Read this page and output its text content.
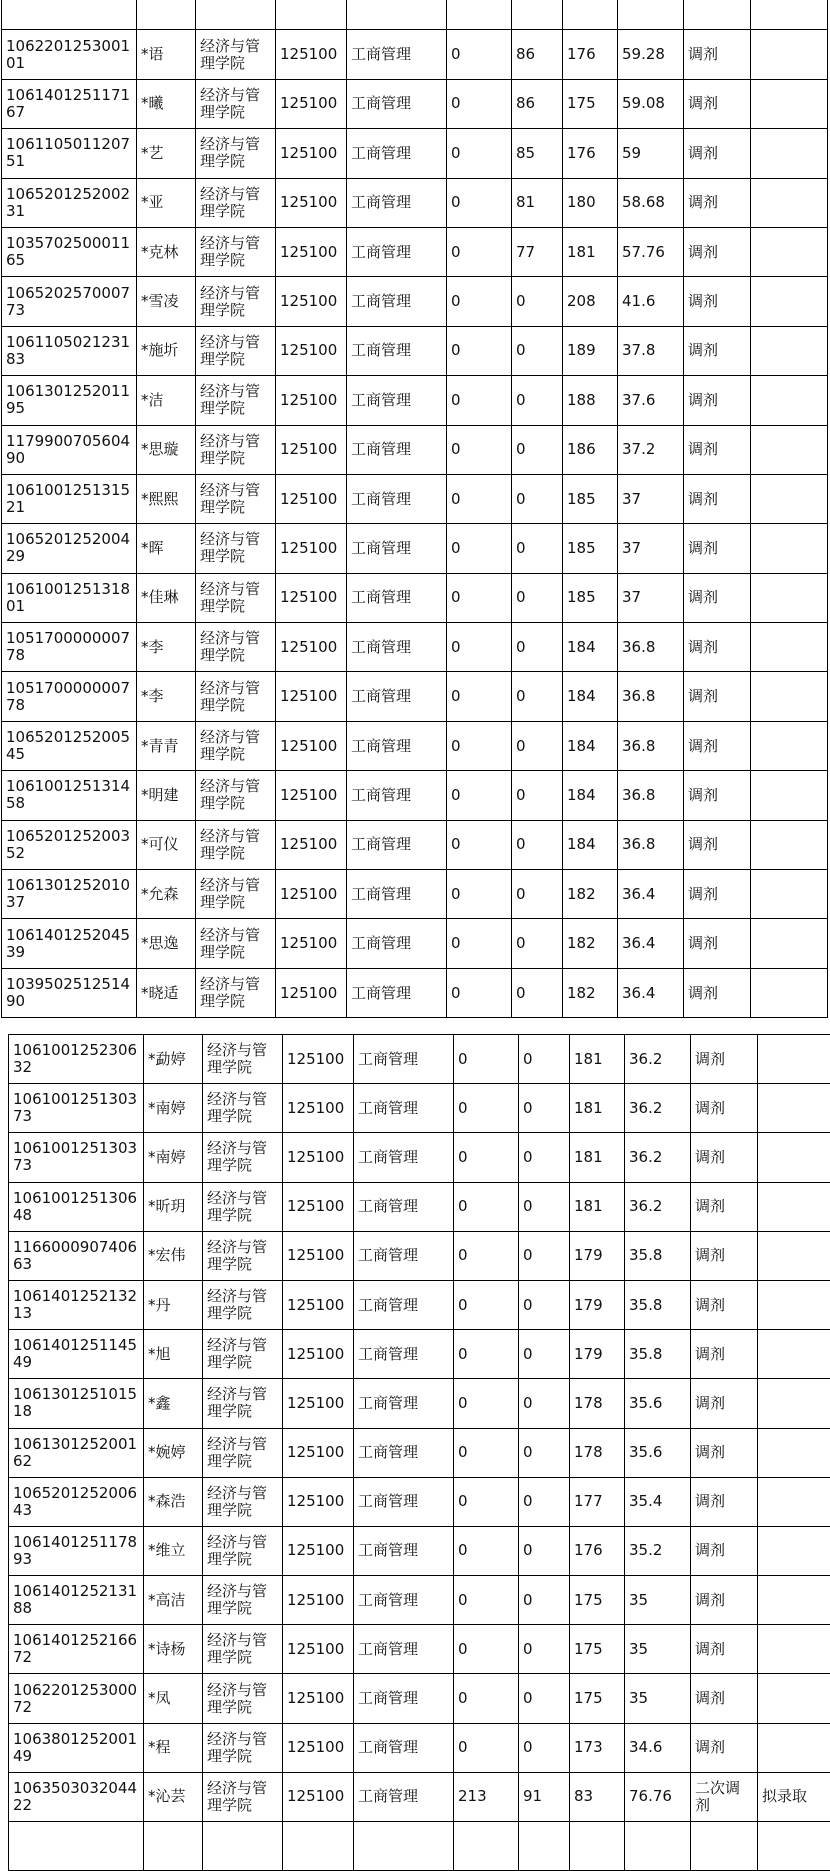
106220125300101	*语	经济与管理学院	125100	工商管理	0	86	176	59.28	调剂	
106140125117167	*曦	经济与管理学院	125100	工商管理	0	86	175	59.08	调剂	
106110501120751	*艺	经济与管理学院	125100	工商管理	0	85	176	59	调剂	
106520125200231	*亚	经济与管理学院	125100	工商管理	0	81	180	58.68	调剂	
103570250001165	*克林	经济与管理学院	125100	工商管理	0	77	181	57.76	调剂	
106520257000773	*雪凌	经济与管理学院	125100	工商管理	0	0	208	41.6	调剂	
106110502123183	*施圻	经济与管理学院	125100	工商管理	0	0	189	37.8	调剂	
106130125201195	*洁	经济与管理学院	125100	工商管理	0	0	188	37.6	调剂	
117990070560490	*思璇	经济与管理学院	125100	工商管理	0	0	186	37.2	调剂	
106100125131521	*熙熙	经济与管理学院	125100	工商管理	0	0	185	37	调剂	
106520125200429	*晖	经济与管理学院	125100	工商管理	0	0	185	37	调剂	
106100125131801	*佳琳	经济与管理学院	125100	工商管理	0	0	185	37	调剂	
105170000000778	*李	经济与管理学院	125100	工商管理	0	0	184	36.8	调剂	
105170000000778	*李	经济与管理学院	125100	工商管理	0	0	184	36.8	调剂	
106520125200545	*青青	经济与管理学院	125100	工商管理	0	0	184	36.8	调剂	
106100125131458	*明建	经济与管理学院	125100	工商管理	0	0	184	36.8	调剂	
106520125200352	*可仪	经济与管理学院	125100	工商管理	0	0	184	36.8	调剂	
106130125201037	*允森	经济与管理学院	125100	工商管理	0	0	182	36.4	调剂	
106140125204539	*思逸	经济与管理学院	125100	工商管理	0	0	182	36.4	调剂	
103950251251490	*晓适	经济与管理学院	125100	工商管理	0	0	182	36.4	调剂	
106100125230632	*勐婷	经济与管理学院	125100	工商管理	0	0	181	36.2	调剂	
106100125130373	*南婷	经济与管理学院	125100	工商管理	0	0	181	36.2	调剂	
106100125130373	*南婷	经济与管理学院	125100	工商管理	0	0	181	36.2	调剂	
106100125130648	*昕玥	经济与管理学院	125100	工商管理	0	0	181	36.2	调剂	
116600090740663	*宏伟	经济与管理学院	125100	工商管理	0	0	179	35.8	调剂	
106140125213213	*丹	经济与管理学院	125100	工商管理	0	0	179	35.8	调剂	
106140125114549	*旭	经济与管理学院	125100	工商管理	0	0	179	35.8	调剂	
106130125101518	*鑫	经济与管理学院	125100	工商管理	0	0	178	35.6	调剂	
106130125200162	*婉婷	经济与管理学院	125100	工商管理	0	0	178	35.6	调剂	
106520125200643	*森浩	经济与管理学院	125100	工商管理	0	0	177	35.4	调剂	
106140125117893	*维立	经济与管理学院	125100	工商管理	0	0	176	35.2	调剂	
106140125213188	*高洁	经济与管理学院	125100	工商管理	0	0	175	35	调剂	
106140125216672	*诗杨	经济与管理学院	125100	工商管理	0	0	175	35	调剂	
106220125300072	*凤	经济与管理学院	125100	工商管理	0	0	175	35	调剂	
106380125200149	*程	经济与管理学院	125100	工商管理	0	0	173	34.6	调剂	
106350303204422	*沁芸	经济与管理学院	125100	工商管理	213	91	83	76.76	二次调剂	拟录取
